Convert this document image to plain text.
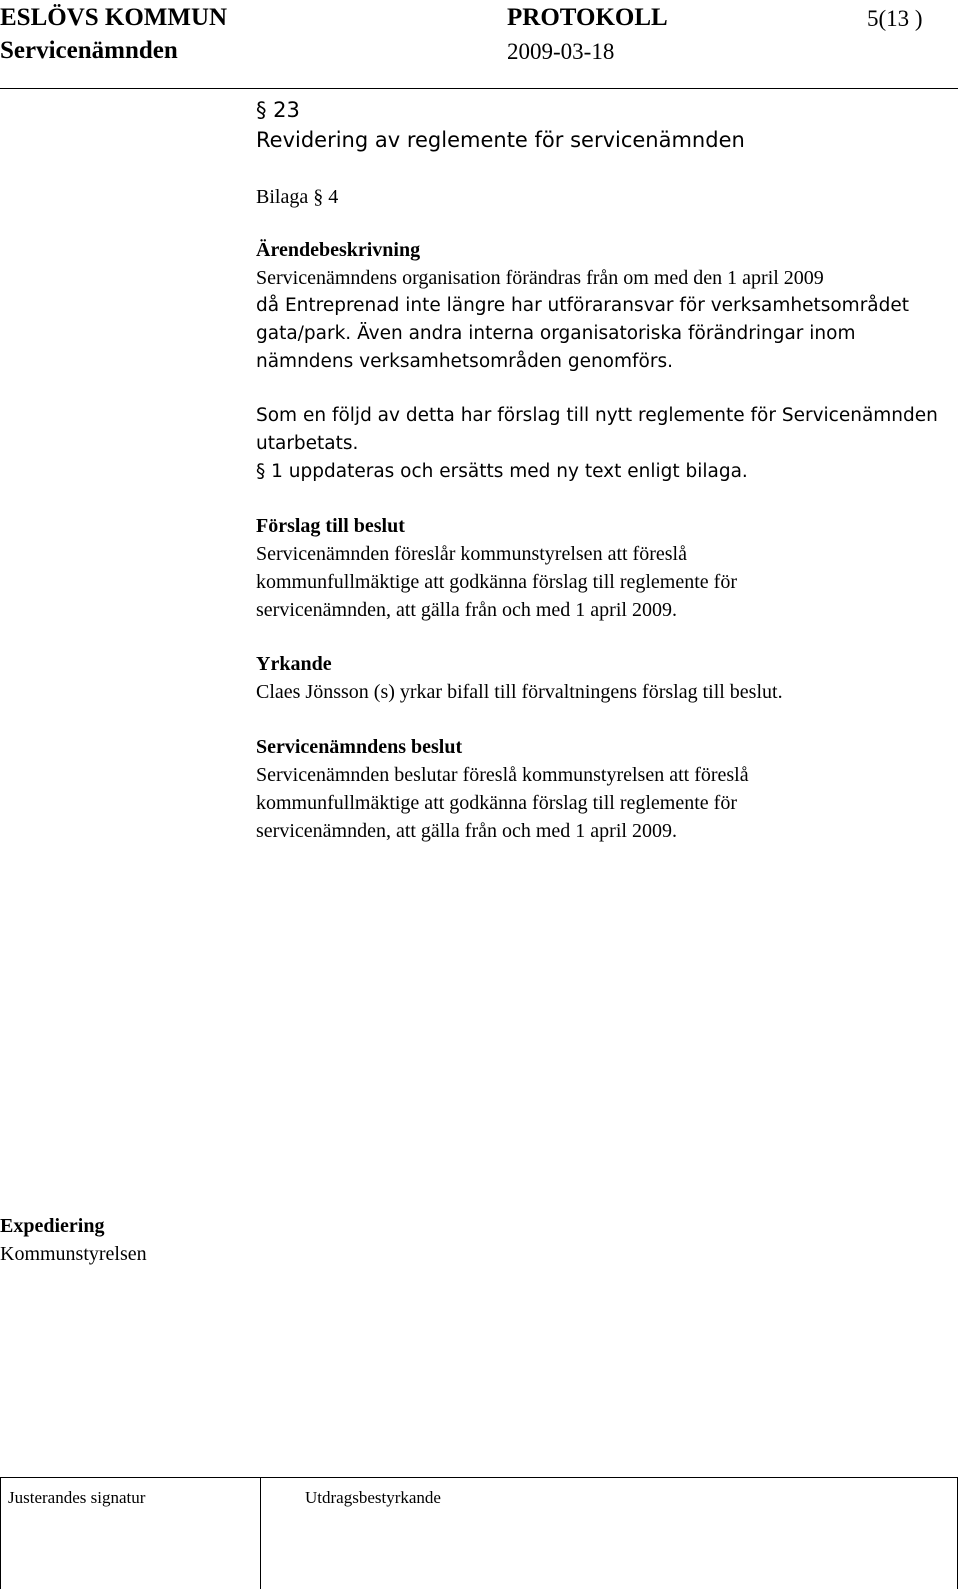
ESLÖVS KOMMUN	PROTOKOLL	5(13 )
Servicenämnden	2009-03-18
§ 23
Revidering av reglemente för servicenämnden
Bilaga § 4
Ärendebeskrivning
Servicenämndens organisation förändras från om med den 1 april 2009
då Entreprenad inte längre har utföraransvar för verksamhetsområdet
gata/park. Även andra interna organisatoriska förändringar inom
nämndens verksamhetsområden genomförs.
Som en följd av detta har förslag till nytt reglemente för Servicenämnden
utarbetats.
§ 1 uppdateras och ersätts med ny text enligt bilaga.
Förslag till beslut
Servicenämnden föreslår kommunstyrelsen att föreslå
kommunfullmäktige att godkänna förslag till reglemente för
servicenämnden, att gälla från och med 1 april 2009.
Yrkande
Claes Jönsson (s) yrkar bifall till förvaltningens förslag till beslut.
Servicenämndens beslut
Servicenämnden beslutar föreslå kommunstyrelsen att föreslå
kommunfullmäktige att godkänna förslag till reglemente för
servicenämnden, att gälla från och med 1 april 2009.
Expediering
Kommunstyrelsen
Justerandes signatur	Utdragsbestyrkande
